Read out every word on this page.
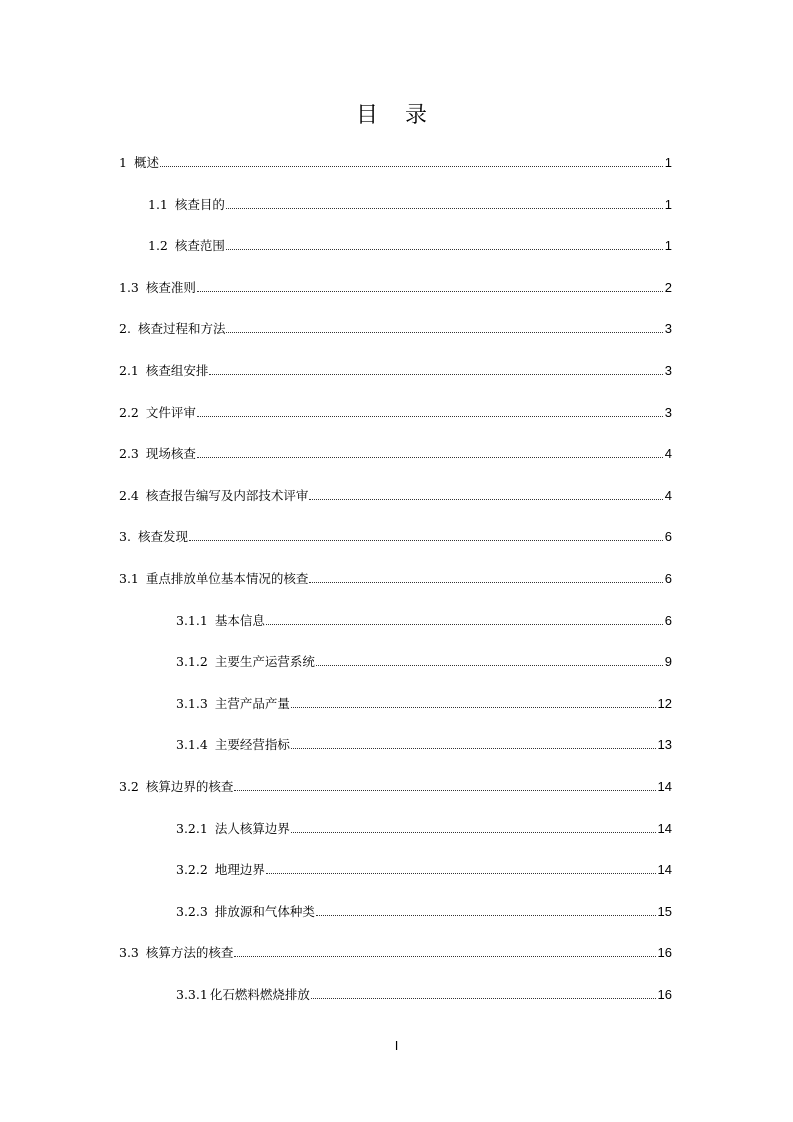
目 录
1 概述	1
1.1 核查目的	1
1.2 核查范围	1
1.3 核查准则	2
2. 核查过程和方法	3
2.1 核查组安排	3
2.2 文件评审	3
2.3 现场核查	4
2.4 核查报告编写及内部技术评审	4
3. 核查发现	6
3.1 重点排放单位基本情况的核查	6
3.1.1 基本信息	6
3.1.2 主要生产运营系统	9
3.1.3 主营产品产量	12
3.1.4 主要经营指标	13
3.2 核算边界的核查	14
3.2.1 法人核算边界	14
3.2.2 地理边界	14
3.2.3 排放源和气体种类	15
3.3 核算方法的核查	16
3.3.1 化石燃料燃烧排放	16
I
